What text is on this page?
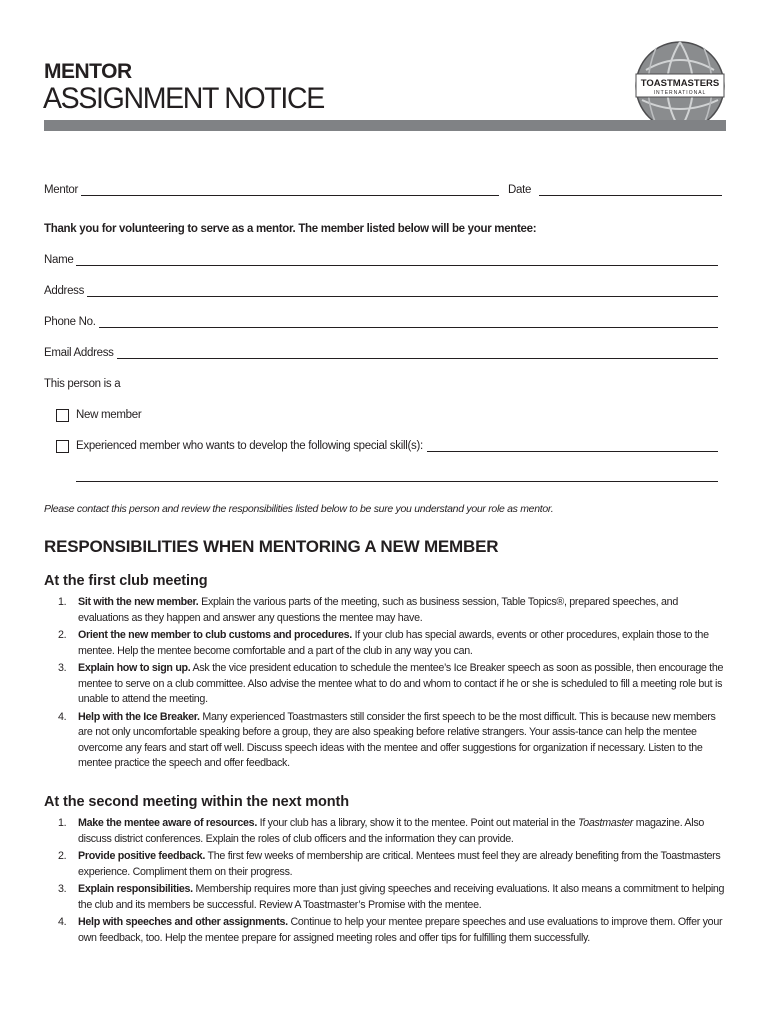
MENTOR
ASSIGNMENT NOTICE	TOASTMASTERS
INTERNATIONAL
Mentor	Date
Thank you for volunteering to serve as a mentor. The member listed below will be your mentee:
Name
Address
Phone No.
Email Address
This person is a
New member
Experienced member who wants to develop the following special skill(s):
Please contact this person and review the responsibilities listed below to be sure you understand your role as mentor.
RESPONSIBILITIES WHEN MENTORING A NEW MEMBER
At the first club meeting
1.	Sit with the new member. Explain the various parts of the meeting, such as business session, Table Topics®, prepared speeches, and evaluations as they happen and answer any questions the mentee may have.
2.	Orient the new member to club customs and procedures. If your club has special awards, events or other procedures, explain those to the mentee. Help the mentee become comfortable and a part of the club in any way you can.
3.	Explain how to sign up. Ask the vice president education to schedule the mentee’s Ice Breaker speech as soon as possible, then encourage the mentee to serve on a club committee. Also advise the mentee what to do and whom to contact if he or she is scheduled to fill a meeting role but is unable to attend the meeting.
4.	Help with the Ice Breaker. Many experienced Toastmasters still consider the first speech to be the most difficult. This is because new members are not only uncomfortable speaking before a group, they are also speaking before relative strangers. Your assis-tance can help the mentee overcome any fears and start off well. Discuss speech ideas with the mentee and offer suggestions for organization if necessary. Listen to the mentee practice the speech and offer feedback.
At the second meeting within the next month
1.	Make the mentee aware of resources. If your club has a library, show it to the mentee. Point out material in the Toastmaster magazine. Also discuss district conferences. Explain the roles of club officers and the information they can provide.
2.	Provide positive feedback. The first few weeks of membership are critical. Mentees must feel they are already benefiting from the Toastmasters experience. Compliment them on their progress.
3.	Explain responsibilities. Membership requires more than just giving speeches and receiving evaluations. It also means a commitment to helping the club and its members be successful. Review A Toastmaster’s Promise with the mentee.
4.	Help with speeches and other assignments. Continue to help your mentee prepare speeches and use evaluations to improve them. Offer your own feedback, too. Help the mentee prepare for assigned meeting roles and offer tips for fulfilling them successfully.
